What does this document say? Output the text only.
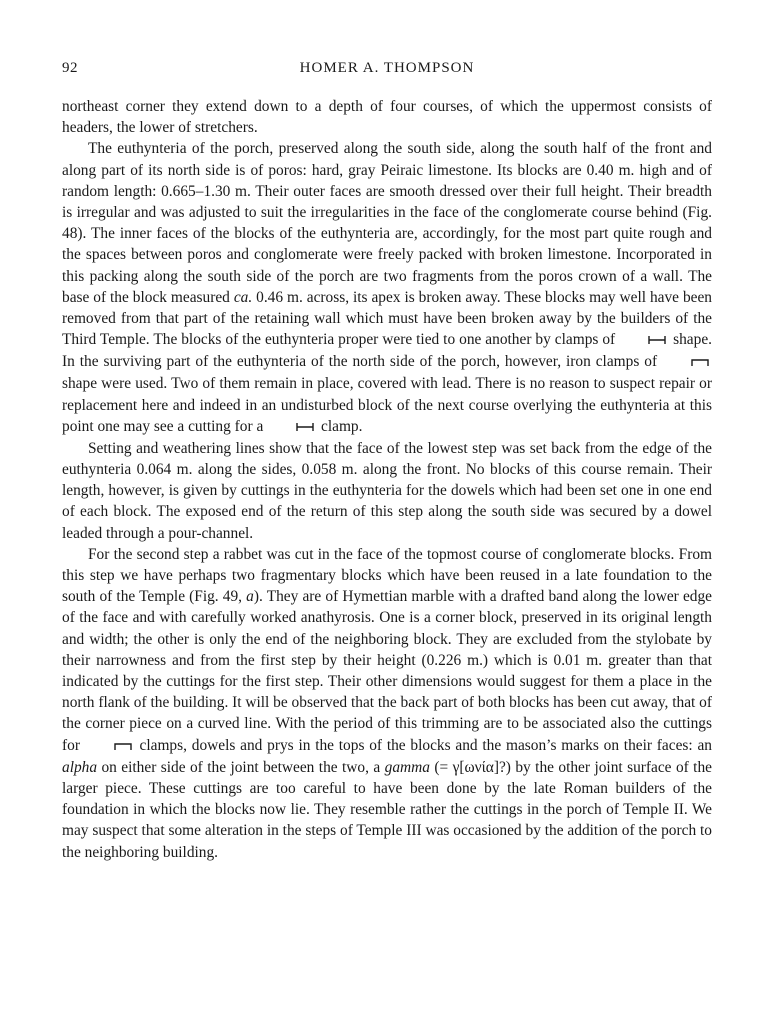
92	HOMER A. THOMPSON

northeast corner they extend down to a depth of four courses, of which the uppermost consists of headers, the lower of stretchers.

The euthynteria of the porch, preserved along the south side, along the south half of the front and along part of its north side is of poros: hard, gray Peiraic limestone. Its blocks are 0.40 m. high and of random length: 0.665–1.30 m. Their outer faces are smooth dressed over their full height. Their breadth is irregular and was adjusted to suit the irregularities in the face of the conglomerate course behind (Fig. 48). The inner faces of the blocks of the euthynteria are, accordingly, for the most part quite rough and the spaces between poros and conglomerate were freely packed with broken limestone. Incorporated in this packing along the south side of the porch are two fragments from the poros crown of a wall. The base of the block measured ca. 0.46 m. across, its apex is broken away. These blocks may well have been removed from that part of the retaining wall which must have been broken away by the builders of the Third Temple. The blocks of the euthynteria proper were tied to one another by clamps of	shape. In the surviving part of the euthynteria of the north side of the porch, however, iron clamps of  shape were used. Two of them remain in place, covered with lead. There is no reason to suspect repair or replacement here and indeed in an undisturbed block of the next course overlying the euthynteria at this point one may see a cutting for a	clamp.

Setting and weathering lines show that the face of the lowest step was set back from the edge of the euthynteria 0.064 m. along the sides, 0.058 m. along the front. No blocks of this course remain. Their length, however, is given by cuttings in the euthynteria for the dowels which had been set one in one end of each block. The exposed end of the return of this step along the south side was secured by a dowel leaded through a pour-channel.

For the second step a rabbet was cut in the face of the topmost course of conglomerate blocks. From this step we have perhaps two fragmentary blocks which have been reused in a late foundation to the south of the Temple (Fig. 49, a). They are of Hymettian marble with a drafted band along the lower edge of the face and with carefully worked anathyrosis. One is a corner block, preserved in its original length and width; the other is only the end of the neighboring block. They are excluded from the stylobate by their narrowness and from the first step by their height (0.226 m.) which is 0.01 m. greater than that indicated by the cuttings for the first step. Their other dimensions would suggest for them a place in the north flank of the building. It will be observed that the back part of both blocks has been cut away, that of the corner piece on a curved line. With the period of this trimming are to be associated also the cuttings for	clamps, dowels and prys in the tops of the blocks and the mason’s marks on their faces: an alpha on either side of the joint between the two, a gamma (= γ[ωνία]?) by the other joint surface of the larger piece. These cuttings are too careful to have been done by the late Roman builders of the foundation in which the blocks now lie. They resemble rather the cuttings in the porch of Temple II. We may suspect that some alteration in the steps of Temple III was occasioned by the addition of the porch to the neighboring building.
